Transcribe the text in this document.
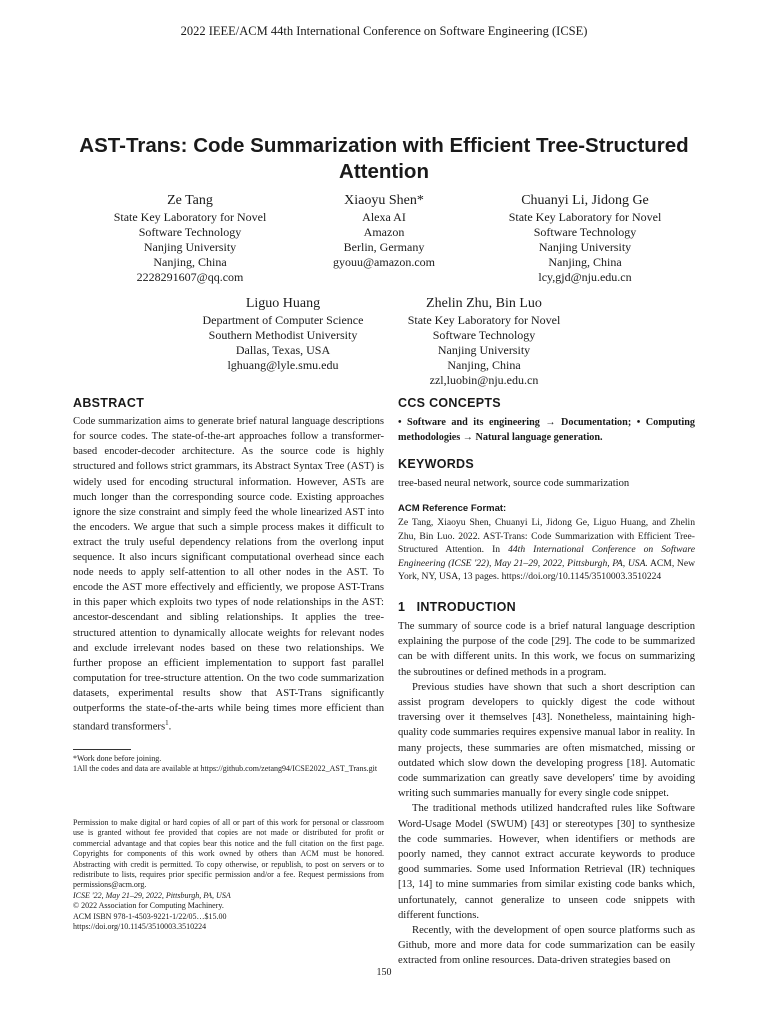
2022 IEEE/ACM 44th International Conference on Software Engineering (ICSE)
AST-Trans: Code Summarization with Efficient Tree-Structured Attention
Ze Tang
State Key Laboratory for Novel
Software Technology
Nanjing University
Nanjing, China
2228291607@qq.com
Xiaoyu Shen*
Alexa AI
Amazon
Berlin, Germany
gyouu@amazon.com
Chuanyi Li, Jidong Ge
State Key Laboratory for Novel
Software Technology
Nanjing University
Nanjing, China
lcy,gjd@nju.edu.cn
Liguo Huang
Department of Computer Science
Southern Methodist University
Dallas, Texas, USA
lghuang@lyle.smu.edu
Zhelin Zhu, Bin Luo
State Key Laboratory for Novel
Software Technology
Nanjing University
Nanjing, China
zzl,luobin@nju.edu.cn
ABSTRACT

Code summarization aims to generate brief natural language descriptions for source codes. The state-of-the-art approaches follow a transformer-based encoder-decoder architecture. As the source code is highly structured and follows strict grammars, its Abstract Syntax Tree (AST) is widely used for encoding structural information. However, ASTs are much longer than the corresponding source code. Existing approaches ignore the size constraint and simply feed the whole linearized AST into the encoders. We argue that such a simple process makes it difficult to extract the truly useful dependency relations from the overlong input sequence. It also incurs significant computational overhead since each node needs to apply self-attention to all other nodes in the AST. To encode the AST more effectively and efficiently, we propose AST-Trans in this paper which exploits two types of node relationships in the AST: ancestor-descendant and sibling relationships. It applies the tree-structured attention to dynamically allocate weights for relevant nodes and exclude irrelevant nodes based on these two relationships. We further propose an efficient implementation to support fast parallel computation for tree-structure attention. On the two code summarization datasets, experimental results show that AST-Trans significantly outperforms the state-of-the-arts while being times more efficient than standard transformers$^1$.

*Work done before joining.
1All the codes and data are available at https://github.com/zetang94/ICSE2022_AST_Trans.git

Permission to make digital or hard copies of all or part of this work for personal or classroom use is granted without fee provided that copies are not made or distributed for profit or commercial advantage and that copies bear this notice and the full citation on the first page. Copyrights for components of this work owned by others than ACM must be honored. Abstracting with credit is permitted. To copy otherwise, or republish, to post on servers or to redistribute to lists, requires prior specific permission and/or a fee. Request permissions from permissions@acm.org.

ICSE '22, May 21–29, 2022, Pittsburgh, PA, USA
© 2022 Association for Computing Machinery.
ACM ISBN 978-1-4503-9221-1/22/05…$15.00
https://doi.org/10.1145/3510003.3510224
CCS CONCEPTS

• Software and its engineering → Documentation; • Computing methodologies → Natural language generation.

KEYWORDS

tree-based neural network, source code summarization

ACM Reference Format:

Ze Tang, Xiaoyu Shen, Chuanyi Li, Jidong Ge, Liguo Huang, and Zhelin Zhu, Bin Luo. 2022. AST-Trans: Code Summarization with Efficient Tree-Structured Attention. In 44th International Conference on Software Engineering (ICSE '22), May 21–29, 2022, Pittsburgh, PA, USA. ACM, New York, NY, USA, 13 pages. https://doi.org/10.1145/3510003.3510224

1   INTRODUCTION

The summary of source code is a brief natural language description explaining the purpose of the code [29]. The code to be summarized can be with different units. In this work, we focus on summarizing the subroutines or defined methods in a program.

Previous studies have shown that such a short description can assist program developers to quickly digest the code without traversing over it themselves [43]. Nonetheless, maintaining high-quality code summaries requires expensive manual labor in reality. In many projects, these summaries are often mismatched, missing or outdated which slow down the developing progress [18]. Automatic code summarization can greatly save developers' time by avoiding writing such summaries manually for every single code snippet.

The traditional methods utilized handcrafted rules like Software Word-Usage Model (SWUM) [43] or stereotypes [30] to synthesize the code summaries. However, when identifiers or methods are poorly named, they cannot extract accurate keywords to produce good summaries. Some used Information Retrieval (IR) techniques [13, 14] to mine summaries from similar existing code banks which, unfortunately, cannot generalize to unseen code snippets with different functions.

Recently, with the development of open source platforms such as Github, more and more data for code summarization can be easily extracted from online resources. Data-driven strategies based on

150
